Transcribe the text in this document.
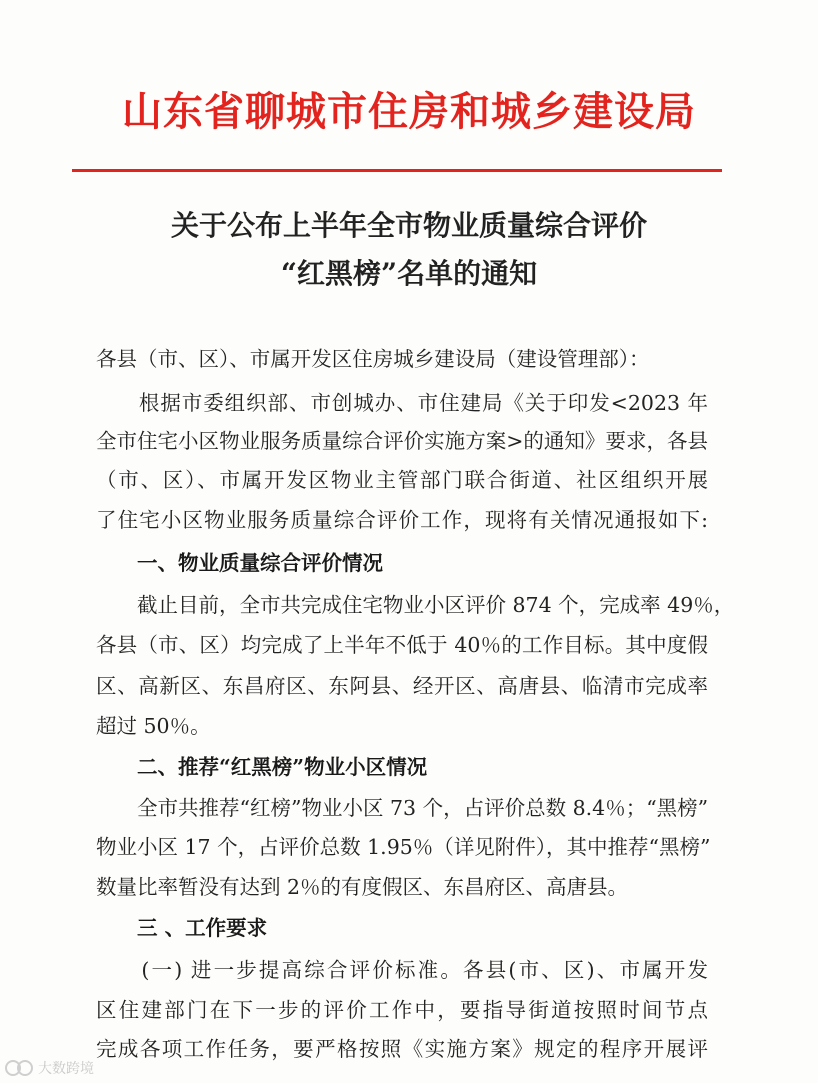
山东省聊城市住房和城乡建设局
关于公布上半年全市物业质量综合评价
“红黑榜”名单的通知
各县（市、区）、市属开发区住房城乡建设局（建设管理部）：
　　根据市委组织部、市创城办、市住建局《关于印发<2023 年
全市住宅小区物业服务质量综合评价实施方案>的通知》要求，各县
（市、区）、市属开发区物业主管部门联合街道、社区组织开展
了住宅小区物业服务质量综合评价工作，现将有关情况通报如下:
　　一、物业质量综合评价情况
　　截止目前，全市共完成住宅物业小区评价 874 个，完成率 49％，
各县（市、区）均完成了上半年不低于 40％的工作目标。其中度假
区、高新区、东昌府区、东阿县、经开区、高唐县、临清市完成率
超过 50％。
　　二、推荐“红黑榜”物业小区情况
　　全市共推荐“红榜”物业小区 73 个，占评价总数 8.4％；“黑榜”
物业小区 17 个，占评价总数 1.95％（详见附件），其中推荐“黑榜”
数量比率暂没有达到 2％的有度假区、东昌府区、高唐县。
　　三 、工作要求
　　(一) 进一步提高综合评价标准。各县(市、区)、市属开发
区住建部门在下一步的评价工作中，要指导街道按照时间节点
完成各项工作任务，要严格按照《实施方案》规定的程序开展评
大数跨境
